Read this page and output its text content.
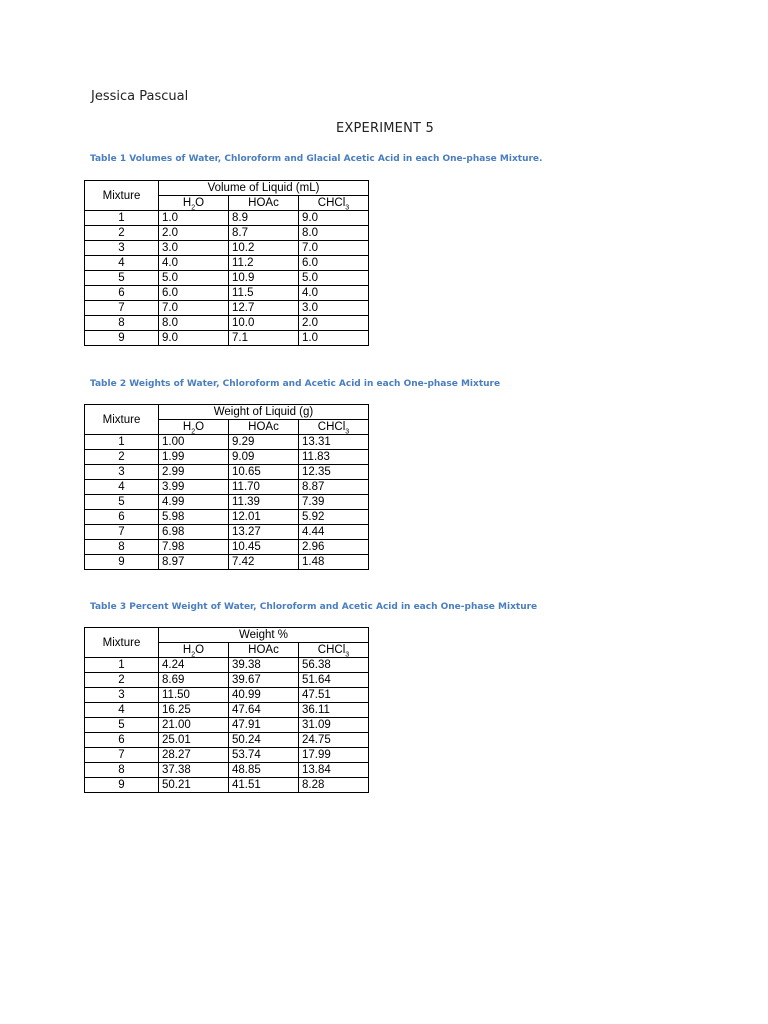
Jessica Pascual
EXPERIMENT 5
Table 1 Volumes of Water, Chloroform and Glacial Acetic Acid in each One-phase Mixture.
Mixture	Volume of Liquid (mL)		
	$H_2O$	HOAc	CHCl$_3$
1	1.0	8.9	9.0
2	2.0	8.7	8.0
3	3.0	10.2	7.0
4	4.0	11.2	6.0
5	5.0	10.9	5.0
6	6.0	11.5	4.0
7	7.0	12.7	3.0
8	8.0	10.0	2.0
9	9.0	7.1	1.0
Table 2 Weights of Water, Chloroform and Acetic Acid in each One-phase Mixture
Mixture	Weight of Liquid (g)		
	$H_2O$	HOAc	CHCl$_3$
1	1.00	9.29	13.31
2	1.99	9.09	11.83
3	2.99	10.65	12.35
4	3.99	11.70	8.87
5	4.99	11.39	7.39
6	5.98	12.01	5.92
7	6.98	13.27	4.44
8	7.98	10.45	2.96
9	8.97	7.42	1.48
Table 3 Percent Weight of Water, Chloroform and Acetic Acid in each One-phase Mixture
Mixture	Weight %		
	$H_2O$	HOAc	CHCl$_3$
1	4.24	39.38	56.38
2	8.69	39.67	51.64
3	11.50	40.99	47.51
4	16.25	47.64	36.11
5	21.00	47.91	31.09
6	25.01	50.24	24.75
7	28.27	53.74	17.99
8	37.38	48.85	13.84
9	50.21	41.51	8.28
